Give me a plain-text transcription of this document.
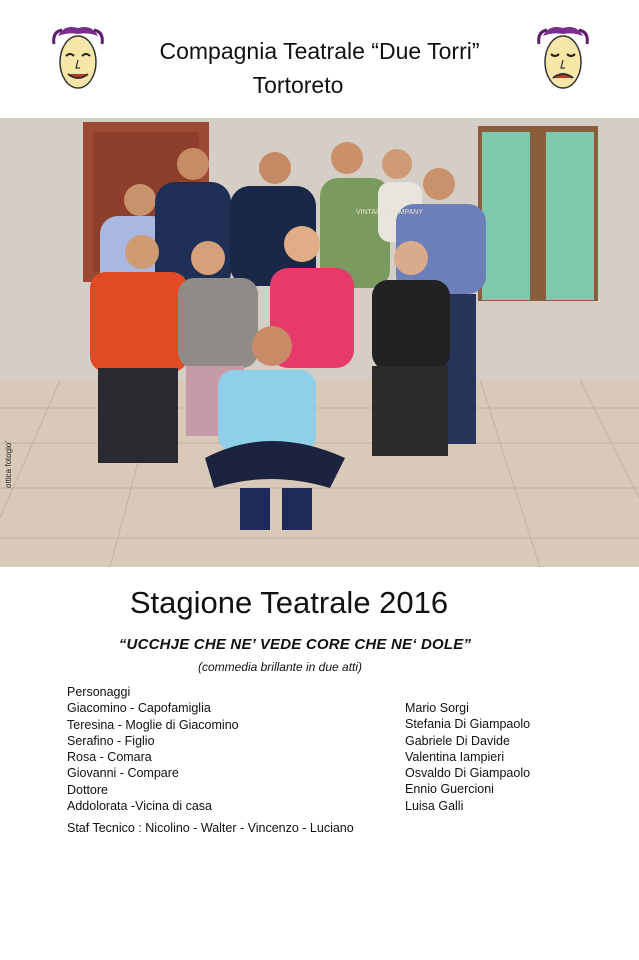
Compagnia Teatrale “Due Torri”
Tortoreto
VINTAGE COMPANY
ottica fotogio'
Stagione Teatrale 2016
“UCCHJE CHE NE’ VEDE CORE CHE NE‘ DOLE”
(commedia brillante in due atti)
Personaggi
Giacomino - Capofamiglia
Teresina - Moglie di Giacomino
Serafino - Figlio
Rosa - Comara
Giovanni - Compare
Dottore
Addolorata -Vicina di casa
Mario Sorgi
Stefania Di Giampaolo
Gabriele Di Davide
Valentina Iampieri
Osvaldo Di Giampaolo
Ennio Guercioni
Luisa Galli
Staf Tecnico : Nicolino - Walter - Vincenzo - Luciano
